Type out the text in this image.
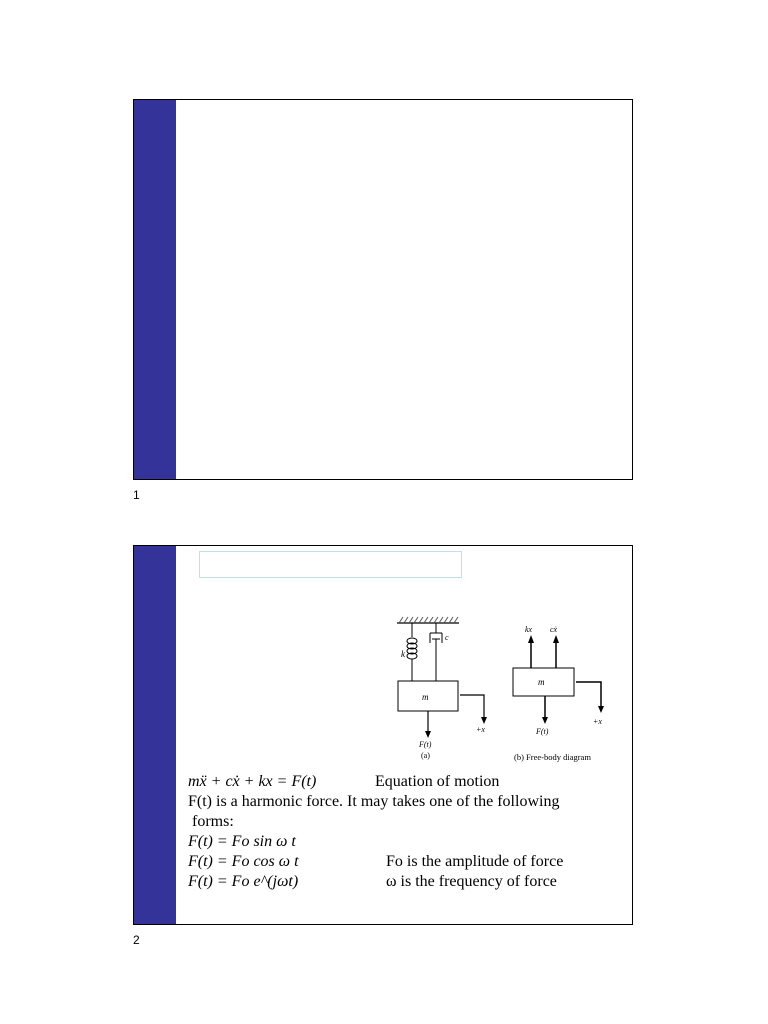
1
k
c
m
F(t)
(a)
+x
kx cẋ
m
F(t)
+x
(b) Free-body diagram
mẍ + cẋ + kx = F(t)	Equation of motion
F(t) is a harmonic force. It may takes one of the following
forms:
F(t) = Fo sin ω t
F(t) = Fo cos ω t	Fo is the amplitude of force
F(t) = Fo e^(jωt)	ω is the frequency of force
2
